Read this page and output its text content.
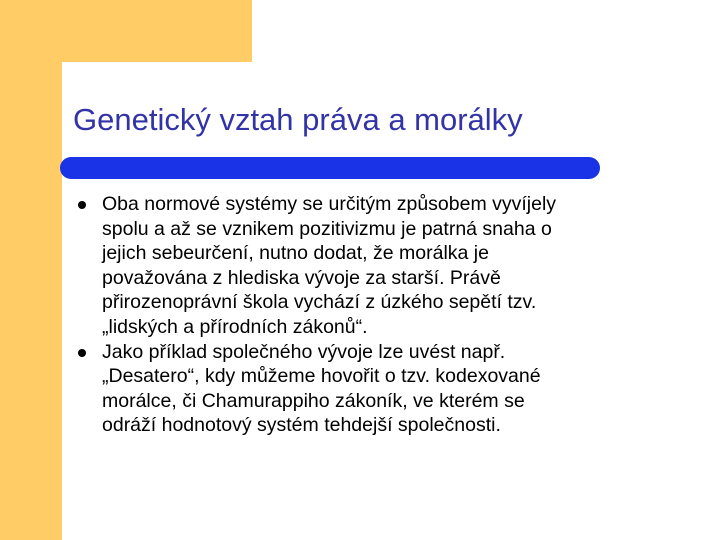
Genetický vztah práva a morálky
Oba normové systémy se určitým způsobem vyvíjely
spolu a až se vznikem pozitivizmu je patrná snaha o
jejich sebeurčení, nutno dodat, že morálka je
považována z hlediska vývoje za starší. Právě
přirozenoprávní škola vychází z úzkého sepětí tzv.
„lidských a přírodních zákonů“.
Jako příklad společného vývoje lze uvést např.
„Desatero“, kdy můžeme hovořit o tzv. kodexované
morálce, či Chamurappiho zákoník, ve kterém se
odráží hodnotový systém tehdejší společnosti.
